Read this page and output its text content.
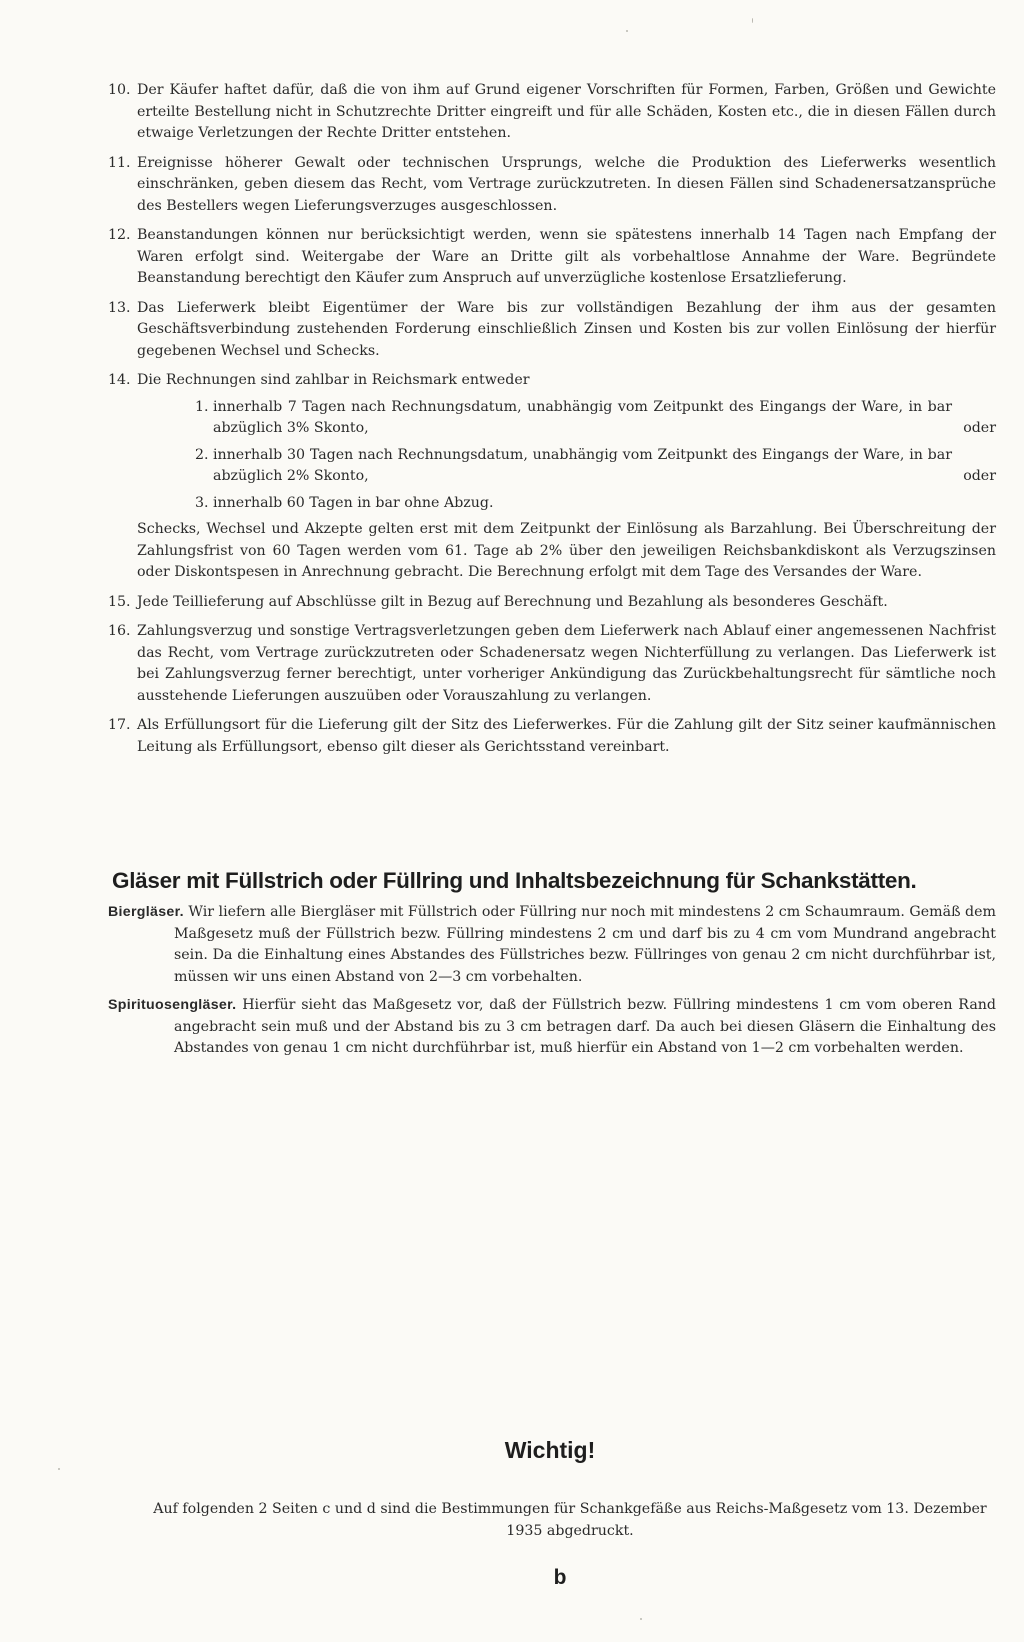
10. Der Käufer haftet dafür, daß die von ihm auf Grund eigener Vorschriften für Formen, Farben, Größen und Gewichte erteilte Bestellung nicht in Schutzrechte Dritter eingreift und für alle Schäden, Kosten etc., die in diesen Fällen durch etwaige Verletzungen der Rechte Dritter entstehen.
11. Ereignisse höherer Gewalt oder technischen Ursprungs, welche die Produktion des Lieferwerks wesentlich einschränken, geben diesem das Recht, vom Vertrage zurückzutreten. In diesen Fällen sind Schadenersatzansprüche des Bestellers wegen Lieferungsverzuges ausgeschlossen.
12. Beanstandungen können nur berücksichtigt werden, wenn sie spätestens innerhalb 14 Tagen nach Empfang der Waren erfolgt sind. Weitergabe der Ware an Dritte gilt als vorbehaltlose Annahme der Ware. Begründete Beanstandung berechtigt den Käufer zum Anspruch auf unverzügliche kostenlose Ersatzlieferung.
13. Das Lieferwerk bleibt Eigentümer der Ware bis zur vollständigen Bezahlung der ihm aus der gesamten Geschäftsverbindung zustehenden Forderung einschließlich Zinsen und Kosten bis zur vollen Einlösung der hierfür gegebenen Wechsel und Schecks.
14. Die Rechnungen sind zahlbar in Reichsmark entweder
1. innerhalb 7 Tagen nach Rechnungsdatum, unabhängig vom Zeitpunkt des Eingangs der Ware, in bar abzüglich 3% Skonto,	oder
2. innerhalb 30 Tagen nach Rechnungsdatum, unabhängig vom Zeitpunkt des Eingangs der Ware, in bar abzüglich 2% Skonto,	oder
3. innerhalb 60 Tagen in bar ohne Abzug.
Schecks, Wechsel und Akzepte gelten erst mit dem Zeitpunkt der Einlösung als Barzahlung. Bei Überschreitung der Zahlungsfrist von 60 Tagen werden vom 61. Tage ab 2% über den jeweiligen Reichsbankdiskont als Verzugszinsen oder Diskontspesen in Anrechnung gebracht. Die Berechnung erfolgt mit dem Tage des Versandes der Ware.
15. Jede Teillieferung auf Abschlüsse gilt in Bezug auf Berechnung und Bezahlung als besonderes Geschäft.
16. Zahlungsverzug und sonstige Vertragsverletzungen geben dem Lieferwerk nach Ablauf einer angemessenen Nachfrist das Recht, vom Vertrage zurückzutreten oder Schadenersatz wegen Nichterfüllung zu verlangen. Das Lieferwerk ist bei Zahlungsverzug ferner berechtigt, unter vorheriger Ankündigung das Zurückbehaltungsrecht für sämtliche noch ausstehende Lieferungen auszuüben oder Vorauszahlung zu verlangen.
17. Als Erfüllungsort für die Lieferung gilt der Sitz des Lieferwerkes. Für die Zahlung gilt der Sitz seiner kaufmännischen Leitung als Erfüllungsort, ebenso gilt dieser als Gerichtsstand vereinbart.
Gläser mit Füllstrich oder Füllring und Inhaltsbezeichnung für Schankstätten.
Biergläser. Wir liefern alle Biergläser mit Füllstrich oder Füllring nur noch mit mindestens 2 cm Schaumraum. Gemäß dem Maßgesetz muß der Füllstrich bezw. Füllring mindestens 2 cm und darf bis zu 4 cm vom Mundrand angebracht sein. Da die Einhaltung eines Abstandes des Füllstriches bezw. Füllringes von genau 2 cm nicht durchführbar ist, müssen wir uns einen Abstand von 2—3 cm vorbehalten.
Spirituosengläser. Hierfür sieht das Maßgesetz vor, daß der Füllstrich bezw. Füllring mindestens 1 cm vom oberen Rand angebracht sein muß und der Abstand bis zu 3 cm betragen darf. Da auch bei diesen Gläsern die Einhaltung des Abstandes von genau 1 cm nicht durchführbar ist, muß hierfür ein Abstand von 1—2 cm vorbehalten werden.
Wichtig!
Auf folgenden 2 Seiten c und d sind die Bestimmungen für Schankgefäße aus Reichs-Maßgesetz vom 13. Dezember 1935 abgedruckt.
b
